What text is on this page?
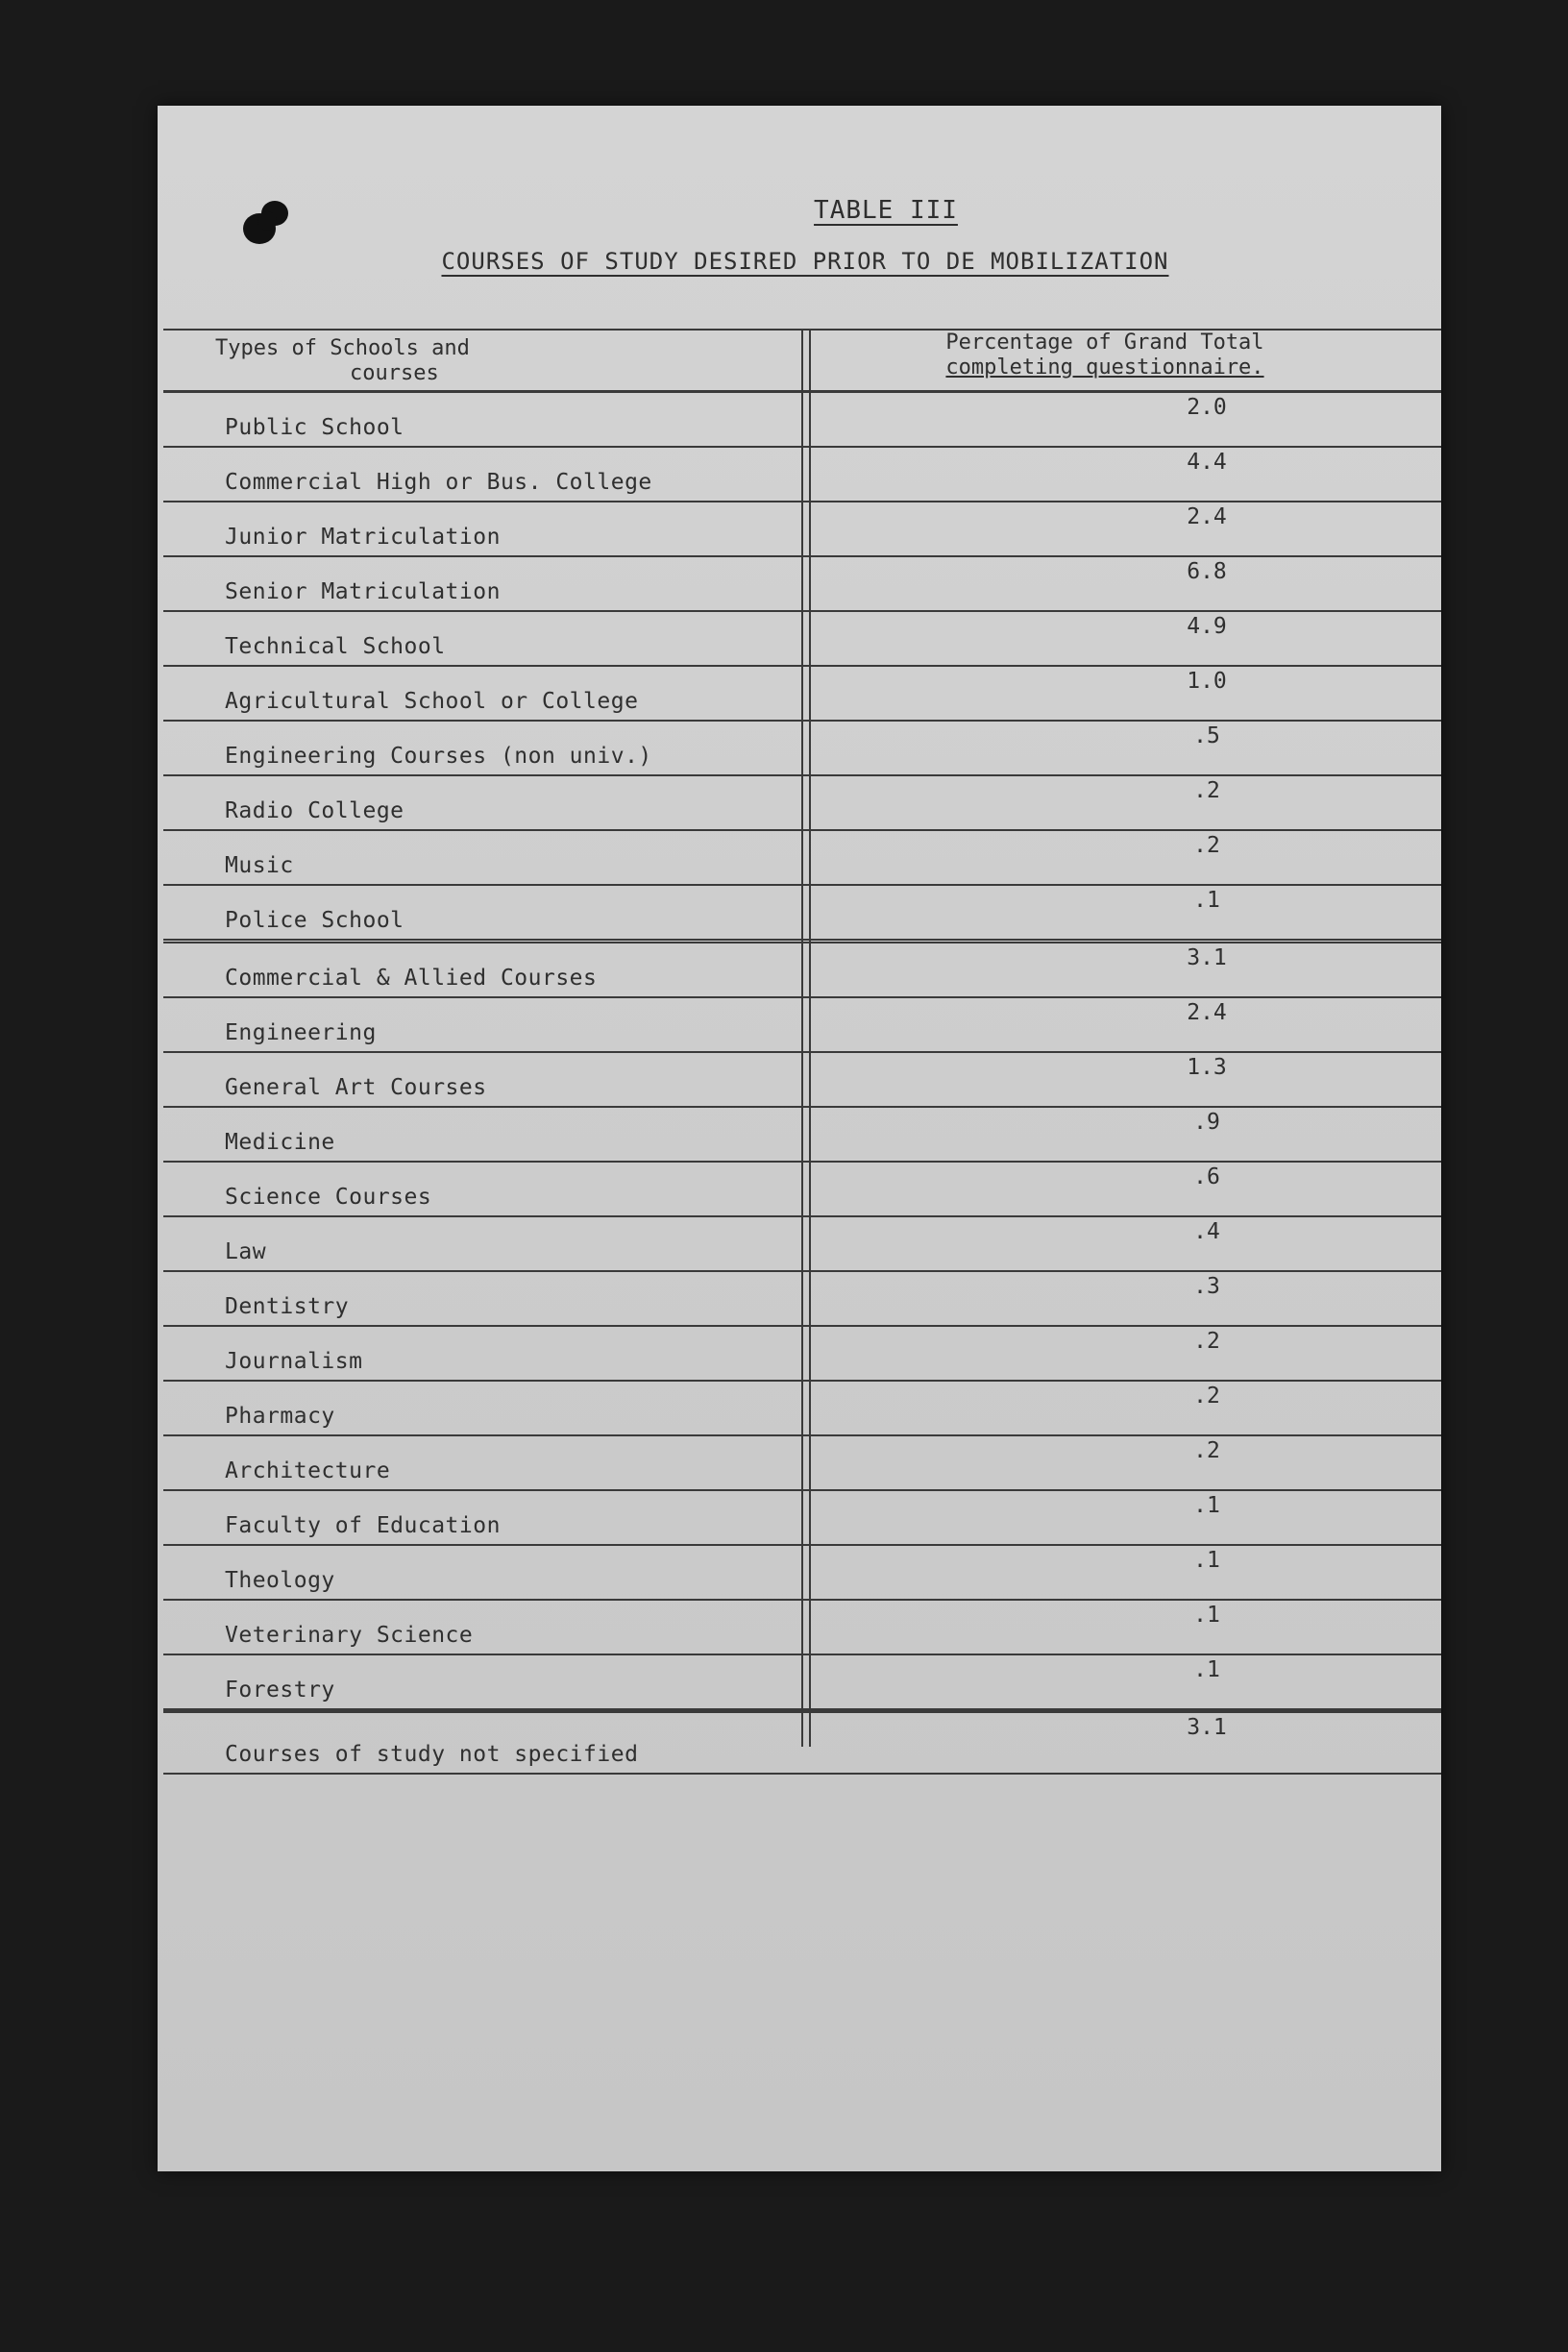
TABLE III
COURSES OF STUDY DESIRED PRIOR TO DE MOBILIZATION
Types of Schools and
courses
Percentage of Grand Total
completing questionnaire.
Public School
2.0
Commercial High or Bus. College
4.4
Junior Matriculation
2.4
Senior Matriculation
6.8
Technical School
4.9
Agricultural School or College
1.0
Engineering Courses (non univ.)
.5
Radio College
.2
Music
.2
Police School
.1
Commercial & Allied Courses
3.1
Engineering
2.4
General Art Courses
1.3
Medicine
.9
Science Courses
.6
Law
.4
Dentistry
.3
Journalism
.2
Pharmacy
.2
Architecture
.2
Faculty of Education
.1
Theology
.1
Veterinary Science
.1
Forestry
.1
Courses of study not specified
3.1
